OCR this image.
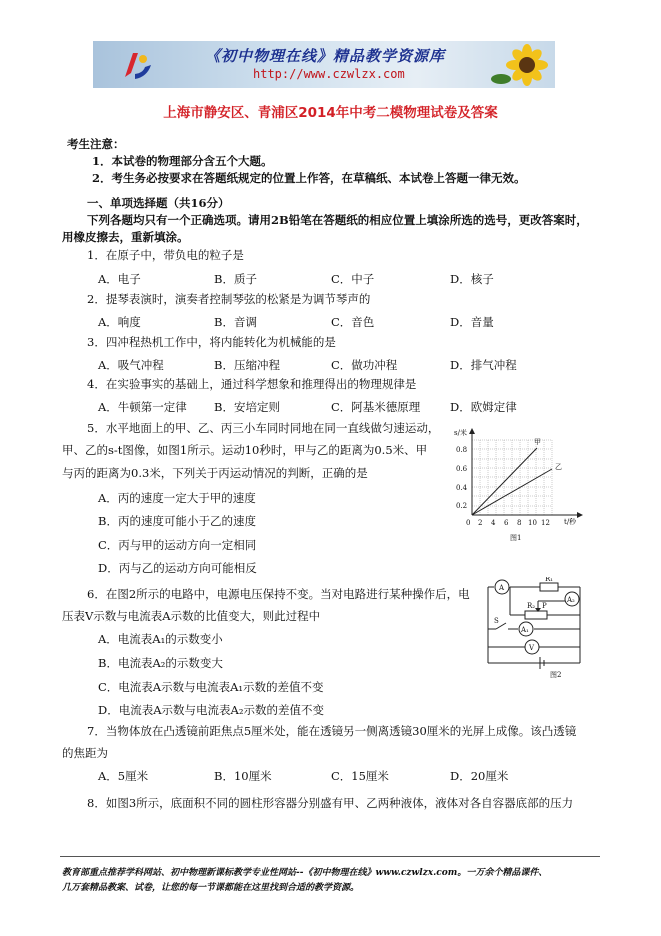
《初中物理在线》精品教学资源库
http://www.czwlzx.com
上海市静安区、青浦区2014年中考二模物理试卷及答案
考生注意：
1．本试卷的物理部分含五个大题。
2．考生务必按要求在答题纸规定的位置上作答，在草稿纸、本试卷上答题一律无效。
一、单项选择题（共16分）
下列各题均只有一个正确选项。请用2B铅笔在答题纸的相应位置上填涂所选的选号，更改答案时，
用橡皮擦去，重新填涂。
1．在原子中，带负电的粒子是
A．电子	B．质子	C．中子	D．核子
2．提琴表演时，演奏者控制琴弦的松紧是为调节琴声的
A．响度	B．音调	C．音色	D．音量
3．四冲程热机工作中，将内能转化为机械能的是
A．吸气冲程	B．压缩冲程	C．做功冲程	D．排气冲程
4．在实验事实的基础上，通过科学想象和推理得出的物理规律是
A．牛顿第一定律 B．安培定则	C．阿基米德原理	D．欧姆定律
5．水平地面上的甲、乙、丙三小车同时同地在同一直线做匀速运动，
甲、乙的s-t图像，如图1所示。运动10秒时，甲与乙的距离为0.5米、甲
与丙的距离为0.3米，下列关于丙运动情况的判断，正确的是
A．丙的速度一定大于甲的速度
B．丙的速度可能小于乙的速度
C．丙与甲的运动方向一定相同
D．丙与乙的运动方向可能相反
0.2
0.4
0.6
0.8
0 2 4 6 8 10 12 t/秒
s/米
甲
乙
图1
6．在图2所示的电路中，电源电压保持不变。当对电路进行某种操作后，电
压表V示数与电流表A示数的比值变大，则此过程中
A．电流表A₁的示数变小
B．电流表A₂的示数变大
C．电流表A示数与电流表A₁示数的差值不变
D．电流表A示数与电流表A₂示数的差值不变
A
A₂
A₁
V
R₁
R₂ P
S
图2
7．当物体放在凸透镜前距焦点5厘米处，能在透镜另一侧离透镜30厘米的光屏上成像。该凸透镜
的焦距为
A．5厘米	B．10厘米	C．15厘米	D．20厘米
8．如图3所示，底面积不同的圆柱形容器分别盛有甲、乙两种液体，液体对各自容器底部的压力
教育部重点推荐学科网站、初中物理新课标教学专业性网站--《初中物理在线》www.czwlzx.com。一万余个精品课件、
几万套精品教案、试卷，让您的每一节课都能在这里找到合适的教学资源。
